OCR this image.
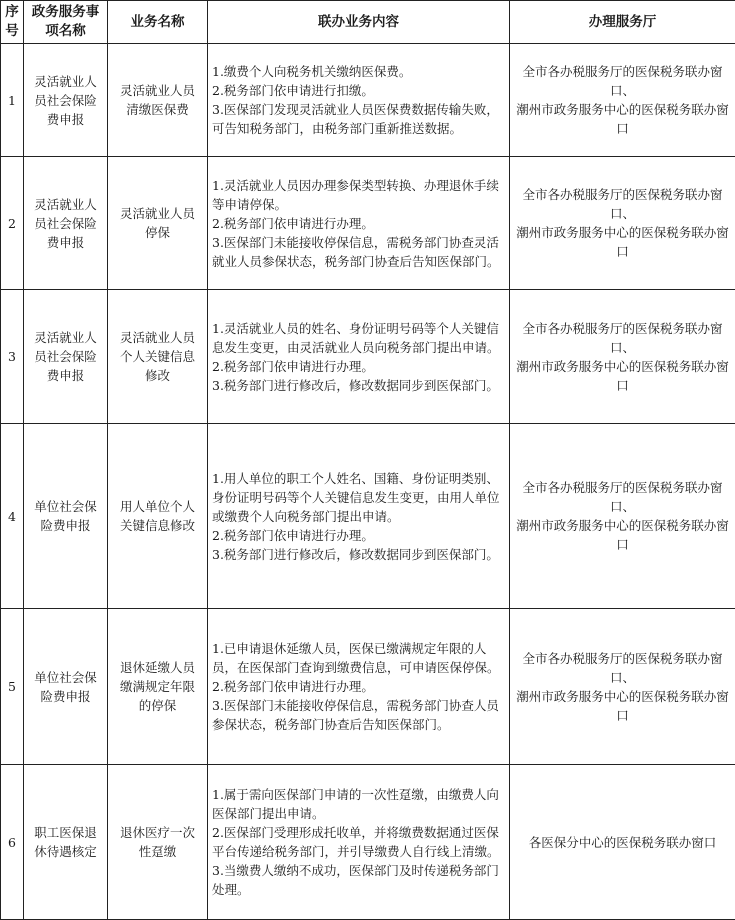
序号	政务服务事项名称	业务名称	联办业务内容	办理服务厅
1	灵活就业人员社会保险费申报	灵活就业人员清缴医保费	1.缴费个人向税务机关缴纳医保费。
2.税务部门依申请进行扣缴。
3.医保部门发现灵活就业人员医保费数据传输失败，可告知税务部门，由税务部门重新推送数据。	全市各办税服务厅的医保税务联办窗口、
潮州市政务服务中心的医保税务联办窗口

2	灵活就业人员社会保险费申报	灵活就业人员停保	1.灵活就业人员因办理参保类型转换、办理退休手续等申请停保。
2.税务部门依申请进行办理。
3.医保部门未能接收停保信息，需税务部门协查灵活就业人员参保状态，税务部门协查后告知医保部门。	全市各办税服务厅的医保税务联办窗口、
潮州市政务服务中心的医保税务联办窗口

3	灵活就业人员社会保险费申报	灵活就业人员个人关键信息修改	1.灵活就业人员的姓名、身份证明号码等个人关键信息发生变更，由灵活就业人员向税务部门提出申请。
2.税务部门依申请进行办理。
3.税务部门进行修改后，修改数据同步到医保部门。	全市各办税服务厅的医保税务联办窗口、
潮州市政务服务中心的医保税务联办窗口

4	单位社会保险费申报	用人单位个人关键信息修改	1.用人单位的职工个人姓名、国籍、身份证明类别、身份证明号码等个人关键信息发生变更，由用人单位或缴费个人向税务部门提出申请。
2.税务部门依申请进行办理。
3.税务部门进行修改后，修改数据同步到医保部门。	全市各办税服务厅的医保税务联办窗口、
潮州市政务服务中心的医保税务联办窗口

5	单位社会保险费申报	退休延缴人员缴满规定年限的停保	1.已申请退休延缴人员，医保已缴满规定年限的人员，在医保部门查询到缴费信息，可申请医保停保。
2.税务部门依申请进行办理。
3.医保部门未能接收停保信息，需税务部门协查人员参保状态，税务部门协查后告知医保部门。	全市各办税服务厅的医保税务联办窗口、
潮州市政务服务中心的医保税务联办窗口

6	职工医保退休待遇核定	退休医疗一次性趸缴	1.属于需向医保部门申请的一次性趸缴，由缴费人向医保部门提出申请。
2.医保部门受理形成托收单，并将缴费数据通过医保平台传递给税务部门，并引导缴费人自行线上清缴。
3.当缴费人缴纳不成功，医保部门及时传递税务部门处理。	各医保分中心的医保税务联办窗口
